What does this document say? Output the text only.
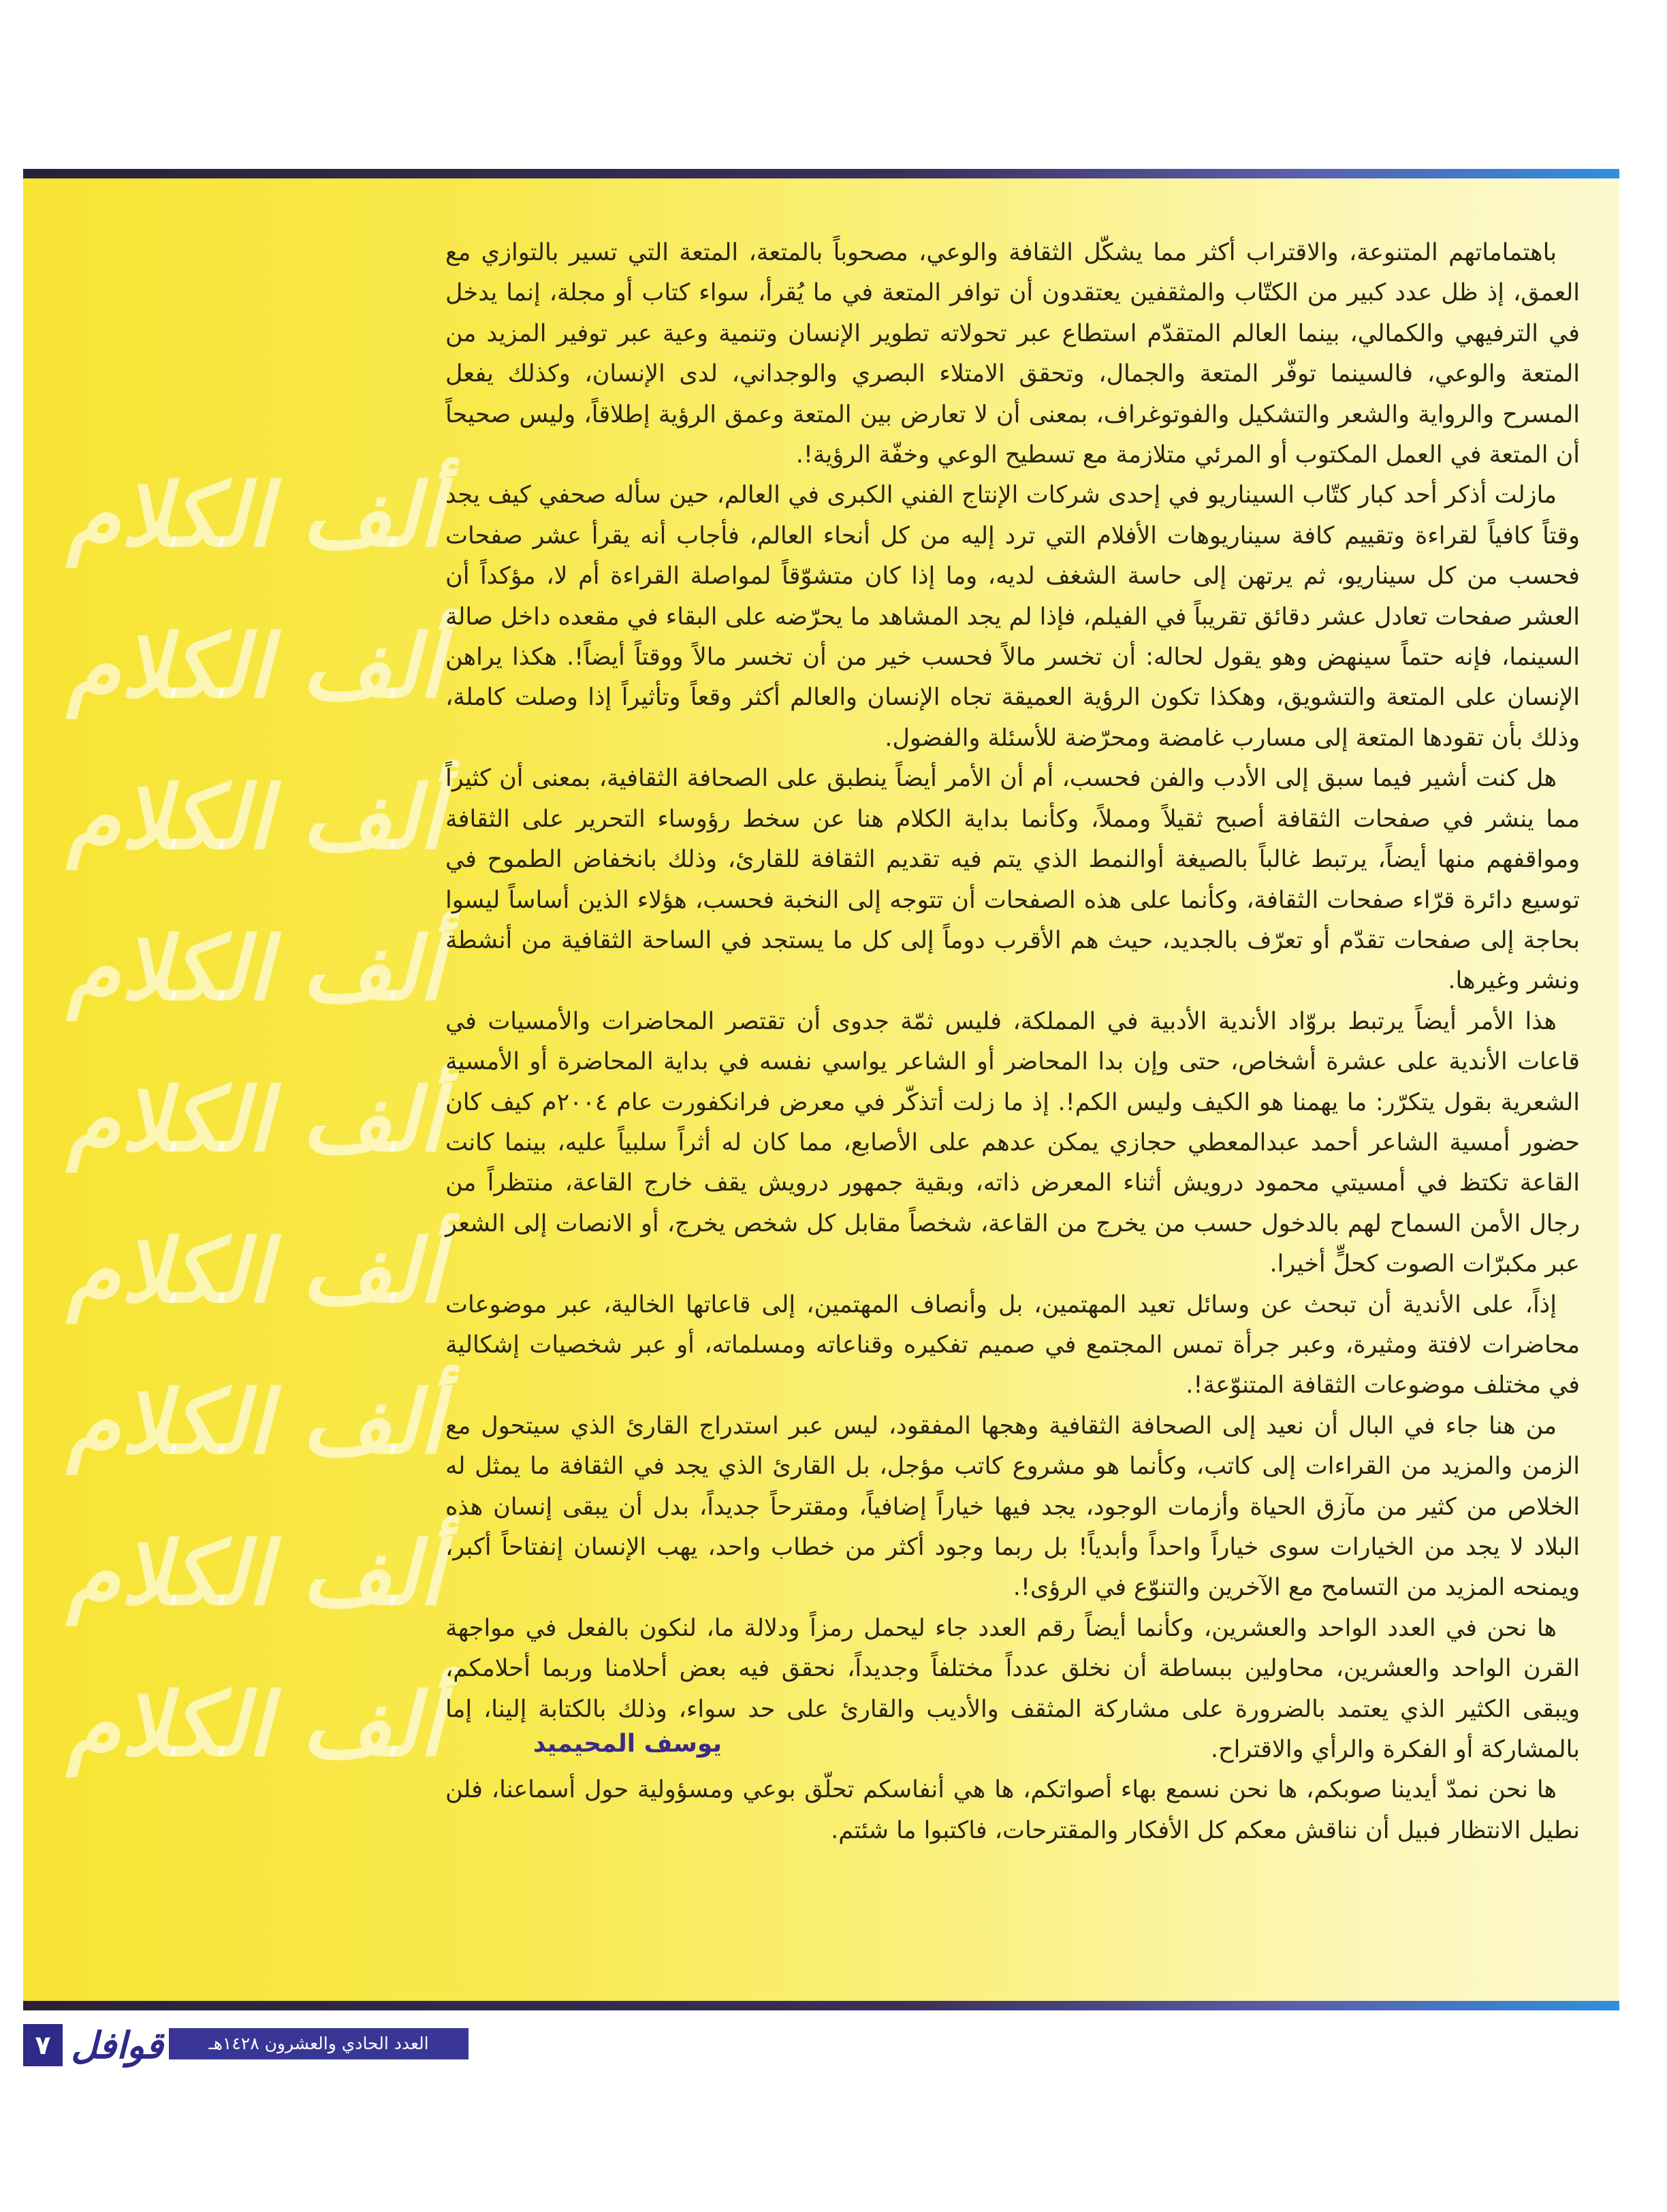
ألف الكلام
ألف الكلام
ألف الكلام
ألف الكلام
ألف الكلام
ألف الكلام
ألف الكلام
ألف الكلام
ألف الكلام

باهتماماتهم المتنوعة، والاقتراب أكثر مما يشكّل الثقافة والوعي، مصحوباً بالمتعة، المتعة التي تسير بالتوازي مع العمق، إذ ظل عدد كبير من الكتّاب والمثقفين يعتقدون أن توافر المتعة في ما يُقرأ، سواء كتاب أو مجلة، إنما يدخل في الترفيهي والكمالي، بينما العالم المتقدّم استطاع عبر تحولاته تطوير الإنسان وتنمية وعية عبر توفير المزيد من المتعة والوعي، فالسينما توفّر المتعة والجمال، وتحقق الامتلاء البصري والوجداني، لدى الإنسان، وكذلك يفعل المسرح والرواية والشعر والتشكيل والفوتوغراف، بمعنى أن لا تعارض بين المتعة وعمق الرؤية إطلاقاً، وليس صحيحاً أن المتعة في العمل المكتوب أو المرئي متلازمة مع تسطيح الوعي وخفّة الرؤية!.

مازلت أذكر أحد كبار كتّاب السيناريو في إحدى شركات الإنتاج الفني الكبرى في العالم، حين سأله صحفي كيف يجد وقتاً كافياً لقراءة وتقييم كافة سيناريوهات الأفلام التي ترد إليه من كل أنحاء العالم، فأجاب أنه يقرأ عشر صفحات فحسب من كل سيناريو، ثم يرتهن إلى حاسة الشغف لديه، وما إذا كان متشوّقاً لمواصلة القراءة أم لا، مؤكداً أن العشر صفحات تعادل عشر دقائق تقريباً في الفيلم، فإذا لم يجد المشاهد ما يحرّضه على البقاء في مقعده داخل صالة السينما، فإنه حتماً سينهض وهو يقول لحاله: أن تخسر مالاً فحسب خير من أن تخسر مالاً ووقتاً أيضاً!. هكذا يراهن الإنسان على المتعة والتشويق، وهكذا تكون الرؤية العميقة تجاه الإنسان والعالم أكثر وقعاً وتأثيراً إذا وصلت كاملة، وذلك بأن تقودها المتعة إلى مسارب غامضة ومحرّضة للأسئلة والفضول.

هل كنت أشير فيما سبق إلى الأدب والفن فحسب، أم أن الأمر أيضاً ينطبق على الصحافة الثقافية، بمعنى أن كثيراً مما ينشر في صفحات الثقافة أصبح ثقيلاً ومملاً، وكأنما بداية الكلام هنا عن سخط رؤوساء التحرير على الثقافة ومواقفهم منها أيضاً، يرتبط غالباً بالصيغة أوالنمط الذي يتم فيه تقديم الثقافة للقارئ، وذلك بانخفاض الطموح في توسيع دائرة قرّاء صفحات الثقافة، وكأنما على هذه الصفحات أن تتوجه إلى النخبة فحسب، هؤلاء الذين أساساً ليسوا بحاجة إلى صفحات تقدّم أو تعرّف بالجديد، حيث هم الأقرب دوماً إلى كل ما يستجد في الساحة الثقافية من أنشطة ونشر وغيرها.

هذا الأمر أيضاً يرتبط بروّاد الأندية الأدبية في المملكة، فليس ثمّة جدوى أن تقتصر المحاضرات والأمسيات في قاعات الأندية على عشرة أشخاص، حتى وإن بدا المحاضر أو الشاعر يواسي نفسه في بداية المحاضرة أو الأمسية الشعرية بقول يتكرّر: ما يهمنا هو الكيف وليس الكم!. إذ ما زلت أتذكّر في معرض فرانكفورت عام ٢٠٠٤م كيف كان حضور أمسية الشاعر أحمد عبدالمعطي حجازي يمكن عدهم على الأصابع، مما كان له أثراً سلبياً عليه، بينما كانت القاعة تكتظ في أمسيتي محمود درويش أثناء المعرض ذاته، وبقية جمهور درويش يقف خارج القاعة، منتظراً من رجال الأمن السماح لهم بالدخول حسب من يخرج من القاعة، شخصاً مقابل كل شخص يخرج، أو الانصات إلى الشعر عبر مكبرّات الصوت كحلٍّ أخيرا.

إذاً، على الأندية أن تبحث عن وسائل تعيد المهتمين، بل وأنصاف المهتمين، إلى قاعاتها الخالية، عبر موضوعات محاضرات لافتة ومثيرة، وعبر جرأة تمس المجتمع في صميم تفكيره وقناعاته ومسلماته، أو عبر شخصيات إشكالية في مختلف موضوعات الثقافة المتنوّعة!.

من هنا جاء في البال أن نعيد إلى الصحافة الثقافية وهجها المفقود، ليس عبر استدراج القارئ الذي سيتحول مع الزمن والمزيد من القراءات إلى كاتب، وكأنما هو مشروع كاتب مؤجل، بل القارئ الذي يجد في الثقافة ما يمثل له الخلاص من كثير من مآزق الحياة وأزمات الوجود، يجد فيها خياراً إضافياً، ومقترحاً جديداً، بدل أن يبقى إنسان هذه البلاد لا يجد من الخيارات سوى خياراً واحداً وأبدياً! بل ربما وجود أكثر من خطاب واحد، يهب الإنسان إنفتاحاً أكبر، ويمنحه المزيد من التسامح مع الآخرين والتنوّع في الرؤى!.

ها نحن في العدد الواحد والعشرين، وكأنما أيضاً رقم العدد جاء ليحمل رمزاً ودلالة ما، لنكون بالفعل في مواجهة القرن الواحد والعشرين، محاولين ببساطة أن نخلق عدداً مختلفاً وجديداً، نحقق فيه بعض أحلامنا وربما أحلامكم، ويبقى الكثير الذي يعتمد بالضرورة على مشاركة المثقف والأديب والقارئ على حد سواء، وذلك بالكتابة إلينا، إما بالمشاركة أو الفكرة والرأي والاقتراح.

ها نحن نمدّ أيدينا صوبكم، ها نحن نسمع بهاء أصواتكم، ها هي أنفاسكم تحلّق بوعي ومسؤولية حول أسماعنا، فلن نطيل الانتظار فبيل أن نناقش معكم كل الأفكار والمقترحات، فاكتبوا ما شئتم.

يوسف المحيميد
٧ قوافل	العدد الحادي والعشرون ١٤٢٨هـ
